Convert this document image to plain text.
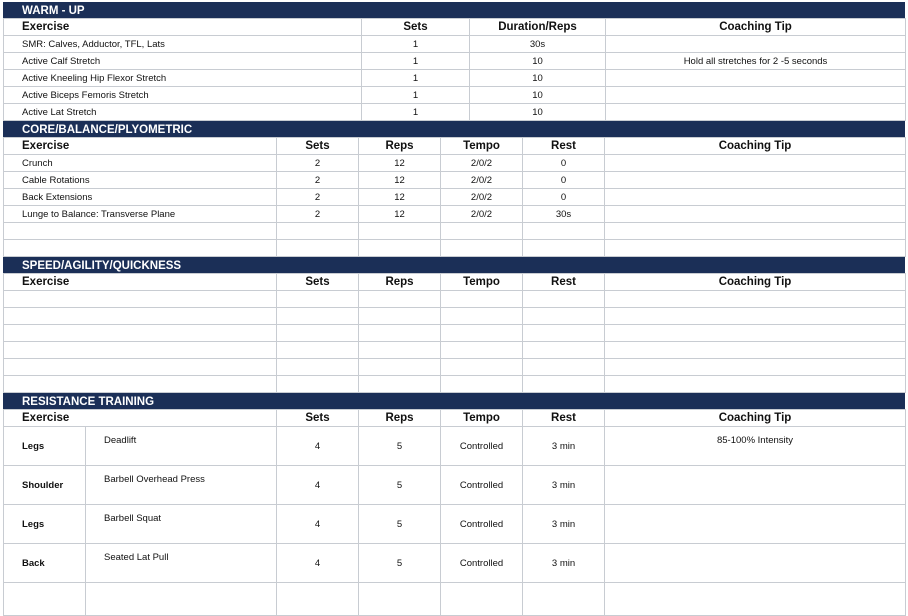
WARM - UP
Exercise	Sets	Duration/Reps	Coaching Tip
SMR: Calves, Adductor, TFL, Lats	1	30s	
Active Calf Stretch	1	10	Hold all stretches for 2 -5 seconds
Active Kneeling Hip Flexor Stretch	1	10	
Active Biceps Femoris Stretch	1	10	
Active Lat Stretch	1	10	
CORE/BALANCE/PLYOMETRIC
Exercise	Sets	Reps	Tempo	Rest	Coaching Tip
Crunch	2	12	2/0/2	0	
Cable Rotations	2	12	2/0/2	0	
Back Extensions	2	12	2/0/2	0	
Lunge to Balance: Transverse Plane	2	12	2/0/2	30s	

SPEED/AGILITY/QUICKNESS
Exercise	Sets	Reps	Tempo	Rest	Coaching Tip

RESISTANCE TRAINING
Exercise		Sets	Reps	Tempo	Rest	Coaching Tip
Legs	Deadlift	4	5	Controlled	3 min	85-100% Intensity
Shoulder	Barbell Overhead Press	4	5	Controlled	3 min	
Legs	Barbell Squat	4	5	Controlled	3 min	
Back	Seated Lat Pull	4	5	Controlled	3 min	
